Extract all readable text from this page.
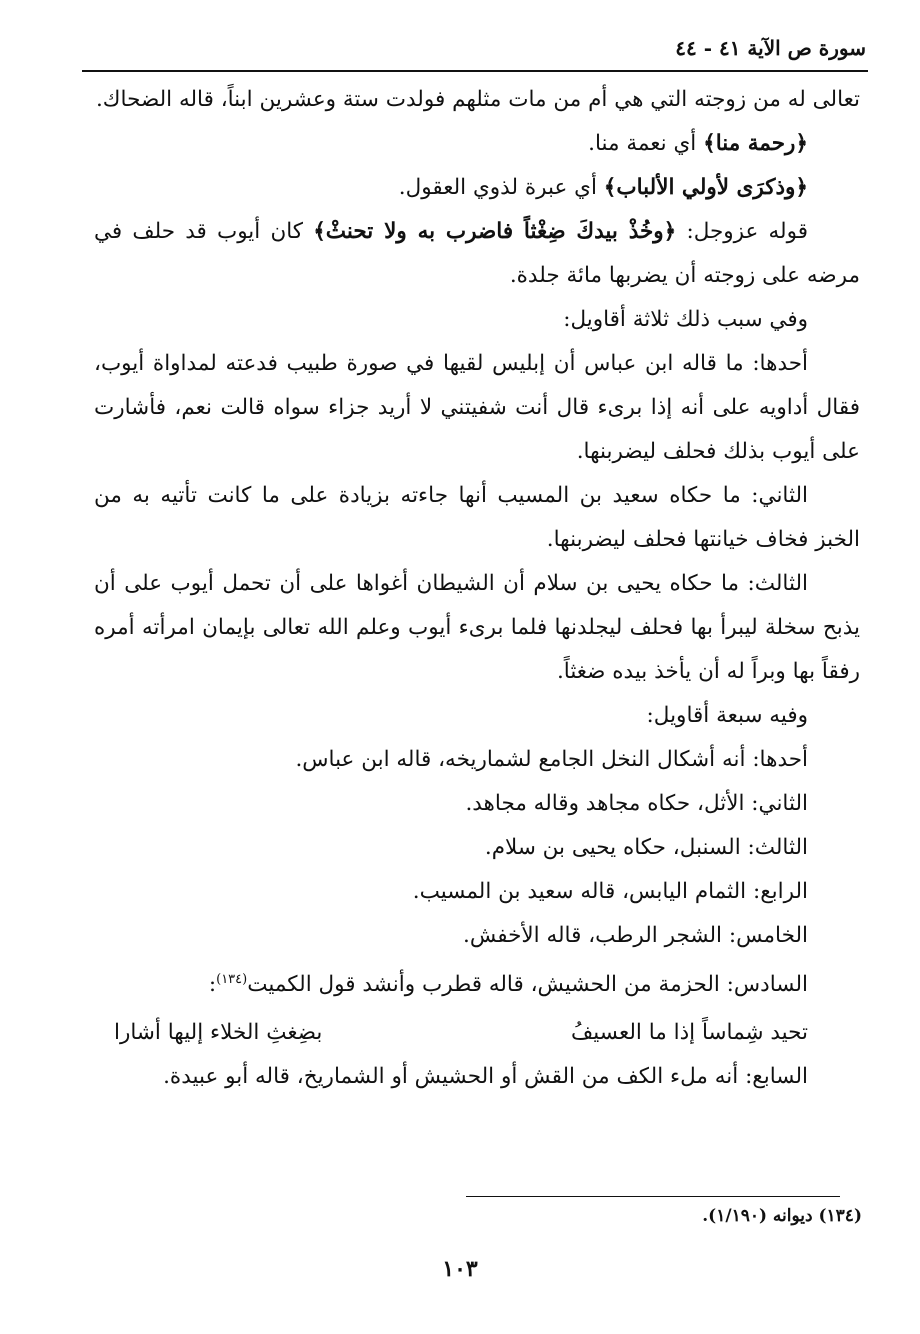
سورة ص الآية ٤١ - ٤٤

تعالى له من زوجته التي هي أم من مات مثلهم فولدت ستة وعشرين ابناً، قاله الضحاك.

﴿رحمة منا﴾ أي نعمة منا.

﴿وذكرَى لأولي الألباب﴾ أي عبرة لذوي العقول.

قوله عزوجل: ﴿وخُذْ بيدكَ ضِغْثاً فاضرب به ولا تحنثْ﴾ كان أيوب قد حلف في مرضه على زوجته أن يضربها مائة جلدة.

وفي سبب ذلك ثلاثة أقاويل:

أحدها: ما قاله ابن عباس أن إبليس لقيها في صورة طبيب فدعته لمداواة أيوب، فقال أداويه على أنه إذا برىء قال أنت شفيتني لا أريد جزاء سواه قالت نعم، فأشارت على أيوب بذلك فحلف ليضربنها.

الثاني: ما حكاه سعيد بن المسيب أنها جاءته بزيادة على ما كانت تأتيه به من الخبز فخاف خيانتها فحلف ليضربنها.

الثالث: ما حكاه يحيى بن سلام أن الشيطان أغواها على أن تحمل أيوب على أن يذبح سخلة ليبرأ بها فحلف ليجلدنها فلما برىء أيوب وعلم الله تعالى بإيمان امرأته أمره رفقاً بها وبراً له أن يأخذ بيده ضغثاً.

وفيه سبعة أقاويل:

أحدها: أنه أشكال النخل الجامع لشماريخه، قاله ابن عباس.

الثاني: الأثل، حكاه مجاهد وقاله مجاهد.

الثالث: السنبل، حكاه يحيى بن سلام.

الرابع: الثمام اليابس، قاله سعيد بن المسيب.

الخامس: الشجر الرطب، قاله الأخفش.

السادس: الحزمة من الحشيش، قاله قطرب وأنشد قول الكميت$^{(١٣٤)}$:

تحيد شِماساً إذا ما العسيفُ
بضِغثِ الخلاء إليها أشارا

السابع: أنه ملء الكف من القش أو الحشيش أو الشماريخ، قاله أبو عبيدة.

(١٣٤) ديوانه (١/١٩٠).
١٠٣
